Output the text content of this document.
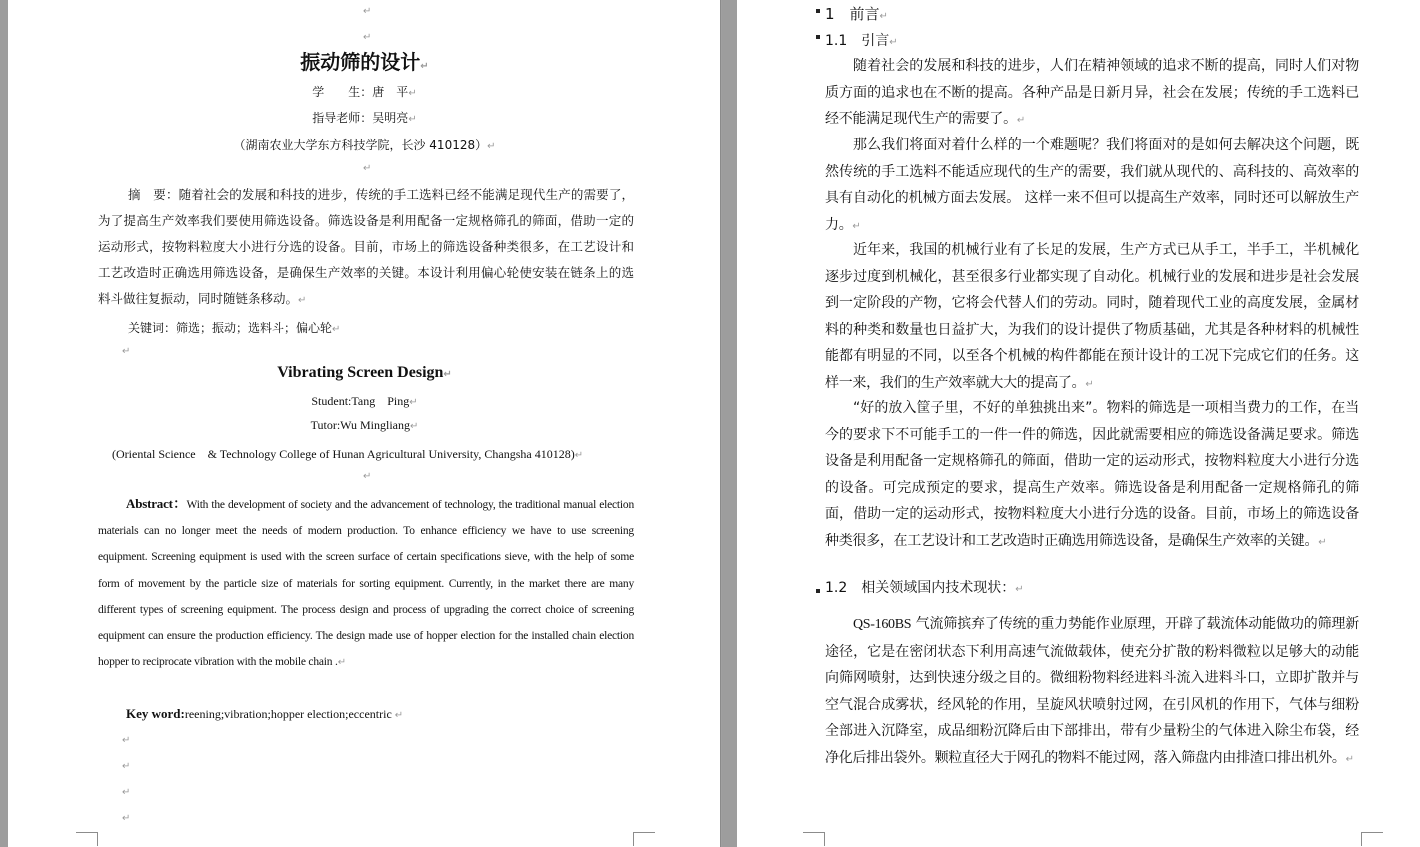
↵
↵
振动筛的设计↵
学　　生：唐　平↵
指导老师：吴明亮↵
（湖南农业大学东方科技学院，长沙 410128）↵
↵
摘　要：随着社会的发展和科技的进步，传统的手工选料已经不能满足现代生产的需要了，为了提高生产效率我们要使用筛选设备。筛选设备是利用配备一定规格筛孔的筛面，借助一定的运动形式，按物料粒度大小进行分选的设备。目前，市场上的筛选设备种类很多，在工艺设计和工艺改造时正确选用筛选设备，是确保生产效率的关键。本设计利用偏心轮使安装在链条上的选料斗做往复振动，同时随链条移动。↵
关键词：筛选；振动；选料斗；偏心轮↵
↵
Vibrating Screen Design↵
Student:Tang　Ping↵
Tutor:Wu Mingliang↵
(Oriental Science　& Technology College of Hunan Agricultural University, Changsha 410128)↵
↵
Abstract：With the development of society and the advancement of technology, the traditional manual election materials can no longer meet the needs of modern production. To enhance efficiency we have to use screening equipment. Screening equipment is used with the screen surface of certain specifications sieve, with the help of some form of movement by the particle size of materials for sorting equipment. Currently, in the market there are many different types of screening equipment. The process design and process of upgrading the correct choice of screening equipment can ensure the production efficiency. The design made use of hopper election for the installed chain election hopper to reciprocate vibration with the mobile chain .↵
Key word:reening;vibration;hopper election;eccentric ↵
↵
↵
↵
↵
1　前言↵
1.1　引言↵
随着社会的发展和科技的进步，人们在精神领域的追求不断的提高，同时人们对物质方面的追求也在不断的提高。各种产品是日新月异，社会在发展；传统的手工选料已经不能满足现代生产的需要了。↵
那么我们将面对着什么样的一个难题呢？我们将面对的是如何去解决这个问题，既然传统的手工选料不能适应现代的生产的需要，我们就从现代的、高科技的、高效率的具有自动化的机械方面去发展。 这样一来不但可以提高生产效率，同时还可以解放生产力。↵
近年来，我国的机械行业有了长足的发展，生产方式已从手工，半手工，半机械化逐步过度到机械化，甚至很多行业都实现了自动化。机械行业的发展和进步是社会发展到一定阶段的产物，它将会代替人们的劳动。同时，随着现代工业的高度发展，金属材料的种类和数量也日益扩大，为我们的设计提供了物质基础，尤其是各种材料的机械性能都有明显的不同，以至各个机械的构件都能在预计设计的工况下完成它们的任务。这样一来，我们的生产效率就大大的提高了。↵
“好的放入筐子里，不好的单独挑出来”。物料的筛选是一项相当费力的工作，在当今的要求下不可能手工的一件一件的筛选，因此就需要相应的筛选设备满足要求。筛选设备是利用配备一定规格筛孔的筛面，借助一定的运动形式，按物料粒度大小进行分选的设备。可完成预定的要求，提高生产效率。筛选设备是利用配备一定规格筛孔的筛面，借助一定的运动形式，按物料粒度大小进行分选的设备。目前，市场上的筛选设备种类很多，在工艺设计和工艺改造时正确选用筛选设备，是确保生产效率的关键。↵
1.2　相关领域国内技术现状：↵
QS-160BS 气流筛摈弃了传统的重力势能作业原理，开辟了载流体动能做功的筛理新途径，它是在密闭状态下利用高速气流做载体，使充分扩散的粉料微粒以足够大的动能向筛网喷射，达到快速分级之目的。微细粉物料经进料斗流入进料斗口，立即扩散并与空气混合成雾状，经风轮的作用，呈旋风状喷射过网，在引风机的作用下，气体与细粉全部进入沉降室，成品细粉沉降后由下部排出，带有少量粉尘的气体进入除尘布袋，经净化后排出袋外。颗粒直径大于网孔的物料不能过网，落入筛盘内由排渣口排出机外。↵
